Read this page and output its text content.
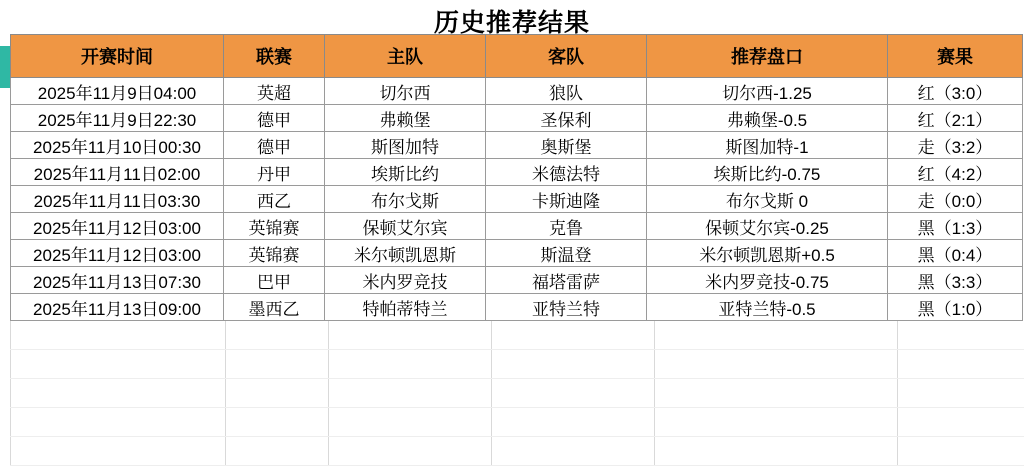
历史推荐结果
开赛时间	联赛	主队	客队	推荐盘口	赛果
2025年11月9日04:00	英超	切尔西	狼队	切尔西-1.25	红（3:0）
2025年11月9日22:30	德甲	弗赖堡	圣保利	弗赖堡-0.5	红（2:1）
2025年11月10日00:30	德甲	斯图加特	奥斯堡	斯图加特-1	走（3:2）
2025年11月11日02:00	丹甲	埃斯比约	米德法特	埃斯比约-0.75	红（4:2）
2025年11月11日03:30	西乙	布尔戈斯	卡斯迪隆	布尔戈斯 0	走（0:0）
2025年11月12日03:00	英锦赛	保顿艾尔宾	克鲁	保顿艾尔宾-0.25	黑（1:3）
2025年11月12日03:00	英锦赛	米尔顿凯恩斯	斯温登	米尔顿凯恩斯+0.5	黑（0:4）
2025年11月13日07:30	巴甲	米内罗竞技	福塔雷萨	米内罗竞技-0.75	黑（3:3）
2025年11月13日09:00	墨西乙	特帕蒂特兰	亚特兰特	亚特兰特-0.5	黑（1:0）
